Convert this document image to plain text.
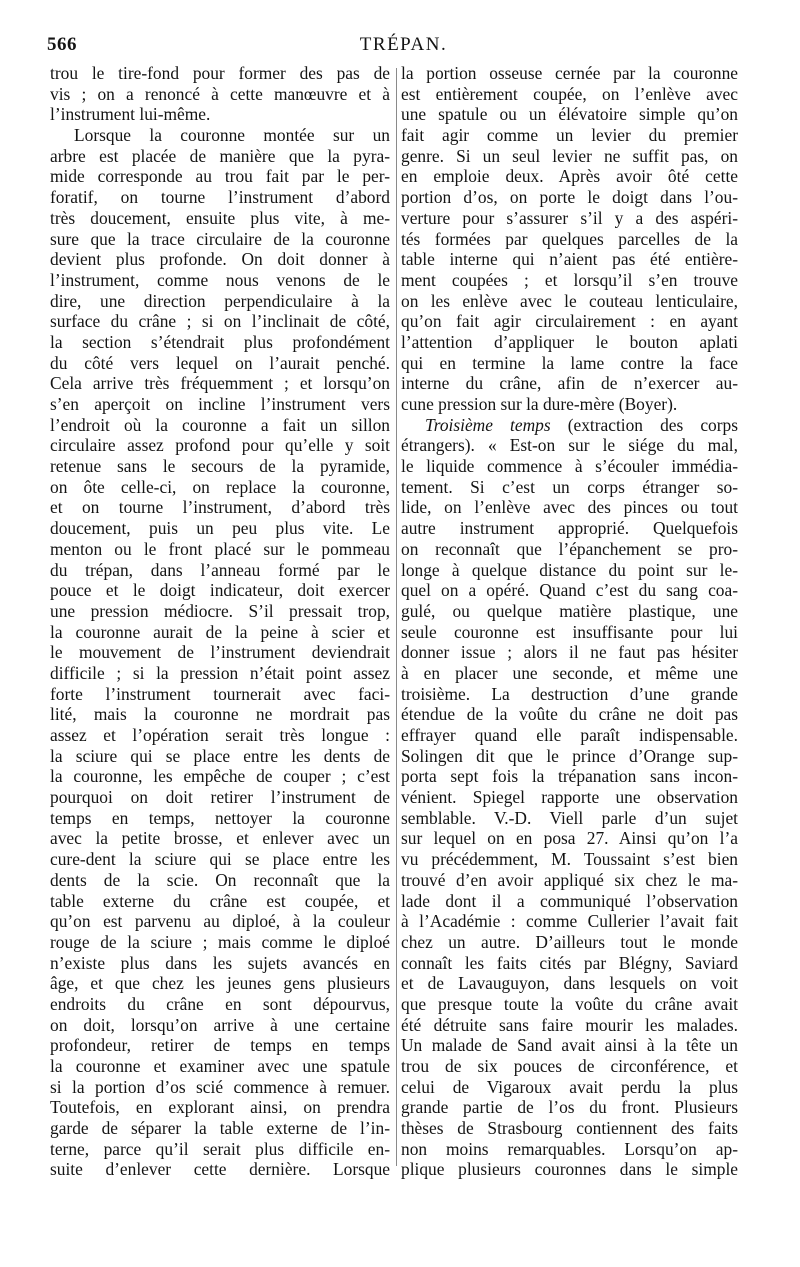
566	TRÉPAN.
trou le tire-fond pour former des pas de
vis ; on a renoncé à cette manœuvre et à
l’instrument lui-même.
Lorsque la couronne montée sur un
arbre est placée de manière que la pyra-
mide corresponde au trou fait par le per-
foratif, on tourne l’instrument d’abord
très doucement, ensuite plus vite, à me-
sure que la trace circulaire de la couronne
devient plus profonde. On doit donner à
l’instrument, comme nous venons de le
dire, une direction perpendiculaire à la
surface du crâne ; si on l’inclinait de côté,
la section s’étendrait plus profondément
du côté vers lequel on l’aurait penché.
Cela arrive très fréquemment ; et lorsqu’on
s’en aperçoit on incline l’instrument vers
l’endroit où la couronne a fait un sillon
circulaire assez profond pour qu’elle y soit
retenue sans le secours de la pyramide,
on ôte celle-ci, on replace la couronne,
et on tourne l’instrument, d’abord très
doucement, puis un peu plus vite. Le
menton ou le front placé sur le pommeau
du trépan, dans l’anneau formé par le
pouce et le doigt indicateur, doit exercer
une pression médiocre. S’il pressait trop,
la couronne aurait de la peine à scier et
le mouvement de l’instrument deviendrait
difficile ; si la pression n’était point assez
forte l’instrument tournerait avec faci-
lité, mais la couronne ne mordrait pas
assez et l’opération serait très longue :
la sciure qui se place entre les dents de
la couronne, les empêche de couper ; c’est
pourquoi on doit retirer l’instrument de
temps en temps, nettoyer la couronne
avec la petite brosse, et enlever avec un
cure-dent la sciure qui se place entre les
dents de la scie. On reconnaît que la
table externe du crâne est coupée, et
qu’on est parvenu au diploé, à la couleur
rouge de la sciure ; mais comme le diploé
n’existe plus dans les sujets avancés en
âge, et que chez les jeunes gens plusieurs
endroits du crâne en sont dépourvus,
on doit, lorsqu’on arrive à une certaine
profondeur, retirer de temps en temps
la couronne et examiner avec une spatule
si la portion d’os scié commence à remuer.
Toutefois, en explorant ainsi, on prendra
garde de séparer la table externe de l’in-
terne, parce qu’il serait plus difficile en-
suite d’enlever cette dernière. Lorsque
la portion osseuse cernée par la couronne
est entièrement coupée, on l’enlève avec
une spatule ou un élévatoire simple qu’on
fait agir comme un levier du premier
genre. Si un seul levier ne suffit pas, on
en emploie deux. Après avoir ôté cette
portion d’os, on porte le doigt dans l’ou-
verture pour s’assurer s’il y a des aspéri-
tés formées par quelques parcelles de la
table interne qui n’aient pas été entière-
ment coupées ; et lorsqu’il s’en trouve
on les enlève avec le couteau lenticulaire,
qu’on fait agir circulairement : en ayant
l’attention d’appliquer le bouton aplati
qui en termine la lame contre la face
interne du crâne, afin de n’exercer au-
cune pression sur la dure-mère (Boyer).
Troisième temps (extraction des corps
étrangers). « Est-on sur le siége du mal,
le liquide commence à s’écouler immédia-
tement. Si c’est un corps étranger so-
lide, on l’enlève avec des pinces ou tout
autre instrument approprié. Quelquefois
on reconnaît que l’épanchement se pro-
longe à quelque distance du point sur le-
quel on a opéré. Quand c’est du sang coa-
gulé, ou quelque matière plastique, une
seule couronne est insuffisante pour lui
donner issue ; alors il ne faut pas hésiter
à en placer une seconde, et même une
troisième. La destruction d’une grande
étendue de la voûte du crâne ne doit pas
effrayer quand elle paraît indispensable.
Solingen dit que le prince d’Orange sup-
porta sept fois la trépanation sans incon-
vénient. Spiegel rapporte une observation
semblable. V.-D. Viell parle d’un sujet
sur lequel on en posa 27. Ainsi qu’on l’a
vu précédemment, M. Toussaint s’est bien
trouvé d’en avoir appliqué six chez le ma-
lade dont il a communiqué l’observation
à l’Académie : comme Cullerier l’avait fait
chez un autre. D’ailleurs tout le monde
connaît les faits cités par Blégny, Saviard
et de Lavauguyon, dans lesquels on voit
que presque toute la voûte du crâne avait
été détruite sans faire mourir les malades.
Un malade de Sand avait ainsi à la tête un
trou de six pouces de circonférence, et
celui de Vigaroux avait perdu la plus
grande partie de l’os du front. Plusieurs
thèses de Strasbourg contiennent des faits
non moins remarquables. Lorsqu’on ap-
plique plusieurs couronnes dans le simple
